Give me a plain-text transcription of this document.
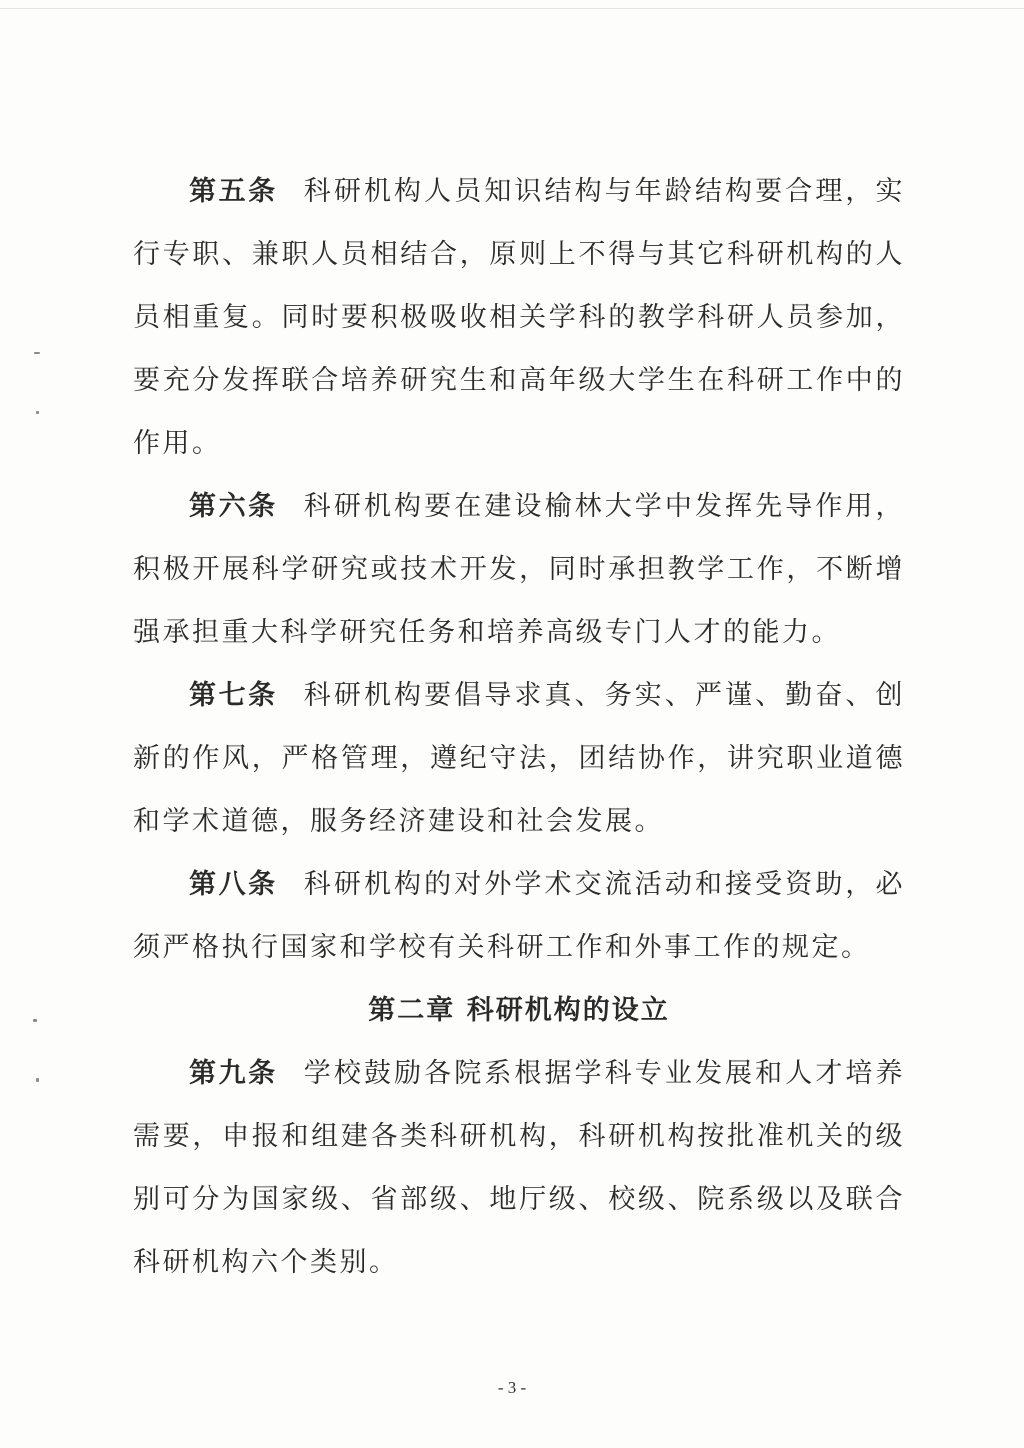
第五条 科研机构人员知识结构与年龄结构要合理，实行专职、兼职人员相结合，原则上不得与其它科研机构的人员相重复。同时要积极吸收相关学科的教学科研人员参加，要充分发挥联合培养研究生和高年级大学生在科研工作中的作用。

第六条 科研机构要在建设榆林大学中发挥先导作用，积极开展科学研究或技术开发，同时承担教学工作，不断增强承担重大科学研究任务和培养高级专门人才的能力。

第七条 科研机构要倡导求真、务实、严谨、勤奋、创新的作风，严格管理，遵纪守法，团结协作，讲究职业道德和学术道德，服务经济建设和社会发展。

第八条 科研机构的对外学术交流活动和接受资助，必须严格执行国家和学校有关科研工作和外事工作的规定。

第二章 科研机构的设立

第九条 学校鼓励各院系根据学科专业发展和人才培养需要，申报和组建各类科研机构，科研机构按批准机关的级别可分为国家级、省部级、地厅级、校级、院系级以及联合科研机构六个类别。

- 3 -
